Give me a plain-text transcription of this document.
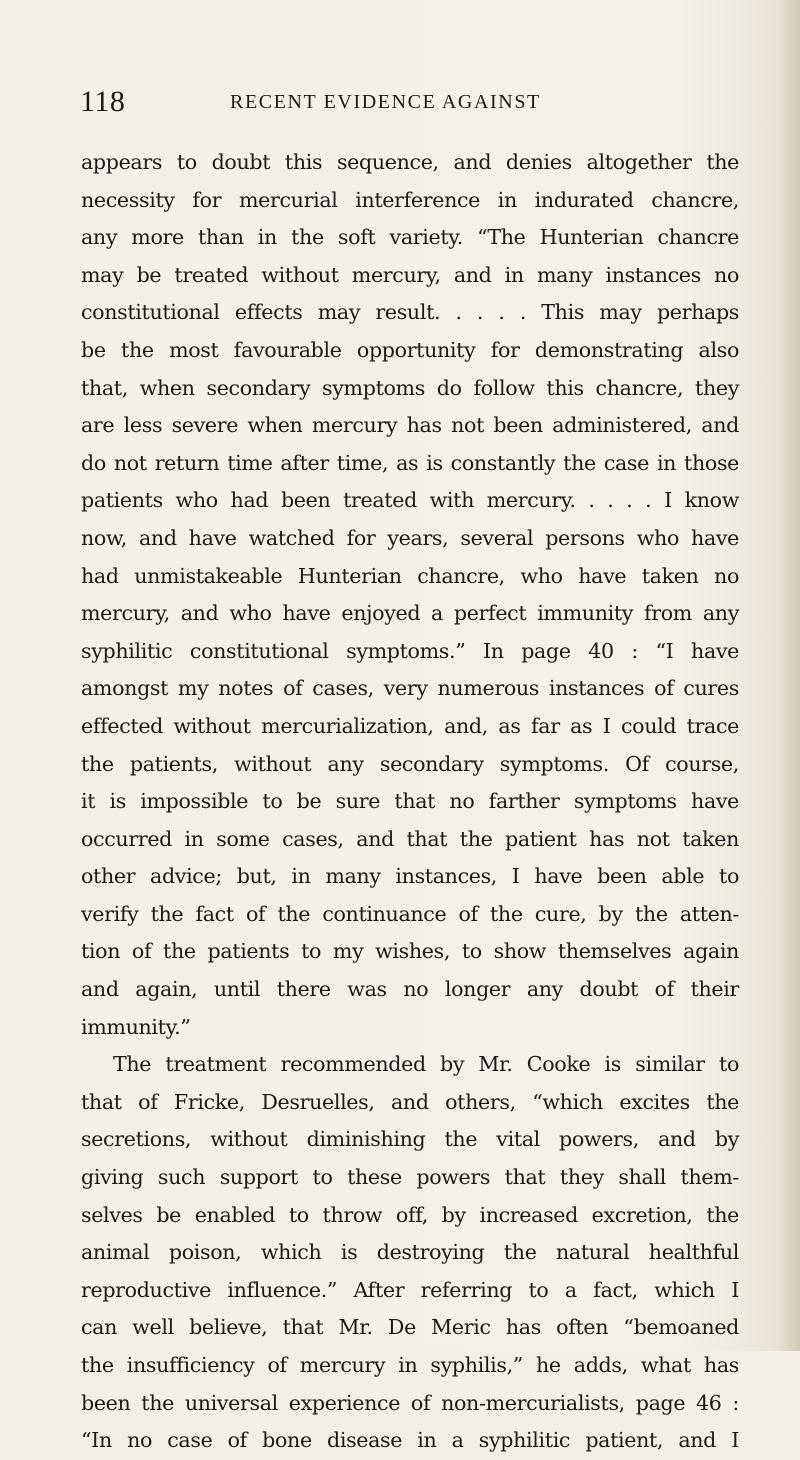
118	RECENT EVIDENCE AGAINST
appears to doubt this sequence, and denies altogether the
necessity for mercurial interference in indurated chancre,
any more than in the soft variety. “The Hunterian chancre
may be treated without mercury, and in many instances no
constitutional effects may result. . . . . This may perhaps
be the most favourable opportunity for demonstrating also
that, when secondary symptoms do follow this chancre, they
are less severe when mercury has not been administered, and
do not return time after time, as is constantly the case in those
patients who had been treated with mercury. . . . . I know
now, and have watched for years, several persons who have
had unmistakeable Hunterian chancre, who have taken no
mercury, and who have enjoyed a perfect immunity from any
syphilitic constitutional symptoms.” In page 40 : “I have
amongst my notes of cases, very numerous instances of cures
effected without mercurialization, and, as far as I could trace
the patients, without any secondary symptoms. Of course,
it is impossible to be sure that no farther symptoms have
occurred in some cases, and that the patient has not taken
other advice; but, in many instances, I have been able to
verify the fact of the continuance of the cure, by the atten-
tion of the patients to my wishes, to show themselves again
and again, until there was no longer any doubt of their
immunity.”
The treatment recommended by Mr. Cooke is similar to
that of Fricke, Desruelles, and others, “which excites the
secretions, without diminishing the vital powers, and by
giving such support to these powers that they shall them-
selves be enabled to throw off, by increased excretion, the
animal poison, which is destroying the natural healthful
reproductive influence.” After referring to a fact, which I
can well believe, that Mr. De Meric has often “bemoaned
the insufficiency of mercury in syphilis,” he adds, what has
been the universal experience of non-mercurialists, page 46 :
“In no case of bone disease in a syphilitic patient, and I
